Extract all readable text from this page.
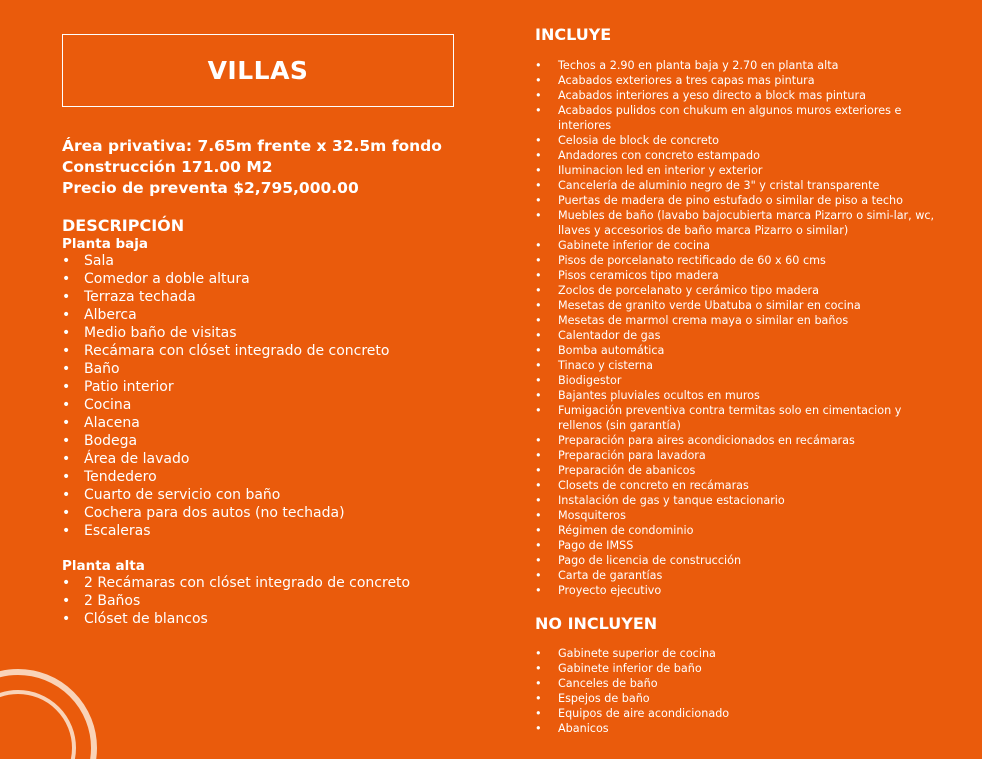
VILLAS
Área privativa: 7.65m frente x 32.5m fondo
Construcción 171.00 M2
Precio de preventa $2,795,000.00
DESCRIPCIÓN
Planta baja
• Sala
• Comedor a doble altura
• Terraza techada
• Alberca
• Medio baño de visitas
• Recámara con clóset integrado de concreto
• Baño
• Patio interior
• Cocina
• Alacena
• Bodega
• Área de lavado
• Tendedero
• Cuarto de servicio con baño
• Cochera para dos autos (no techada)
• Escaleras
Planta alta
• 2 Recámaras con clóset integrado de concreto
• 2 Baños
• Clóset de blancos
INCLUYE
• Techos a 2.90 en planta baja y 2.70 en planta alta
• Acabados exteriores a tres capas mas pintura
• Acabados interiores a yeso directo a block mas pintura
• Acabados pulidos con chukum en algunos muros exteriores e interiores
• Celosia de block de concreto
• Andadores con concreto estampado
• Iluminacion led en interior y exterior
• Cancelería de aluminio negro de 3" y cristal transparente
• Puertas de madera de pino estufado o similar de piso a techo
• Muebles de baño (lavabo bajocubierta marca Pizarro o simi-lar, wc, llaves y accesorios de baño marca Pizarro o similar)
• Gabinete inferior de cocina
• Pisos de porcelanato rectificado de 60 x 60 cms
• Pisos ceramicos tipo madera
• Zoclos de porcelanato y cerámico tipo madera
• Mesetas de granito verde Ubatuba o similar en cocina
• Mesetas de marmol crema maya o similar en baños
• Calentador de gas
• Bomba automática
• Tinaco y cisterna
• Biodigestor
• Bajantes pluviales ocultos en muros
• Fumigación preventiva contra termitas solo en cimentacion y rellenos (sin garantía)
• Preparación para aires acondicionados en recámaras
• Preparación para lavadora
• Preparación de abanicos
• Closets de concreto en recámaras
• Instalación de gas y tanque estacionario
• Mosquiteros
• Régimen de condominio
• Pago de IMSS
• Pago de licencia de construcción
• Carta de garantías
• Proyecto ejecutivo
NO INCLUYEN
• Gabinete superior de cocina
• Gabinete inferior de baño
• Canceles de baño
• Espejos de baño
• Equipos de aire acondicionado
• Abanicos
